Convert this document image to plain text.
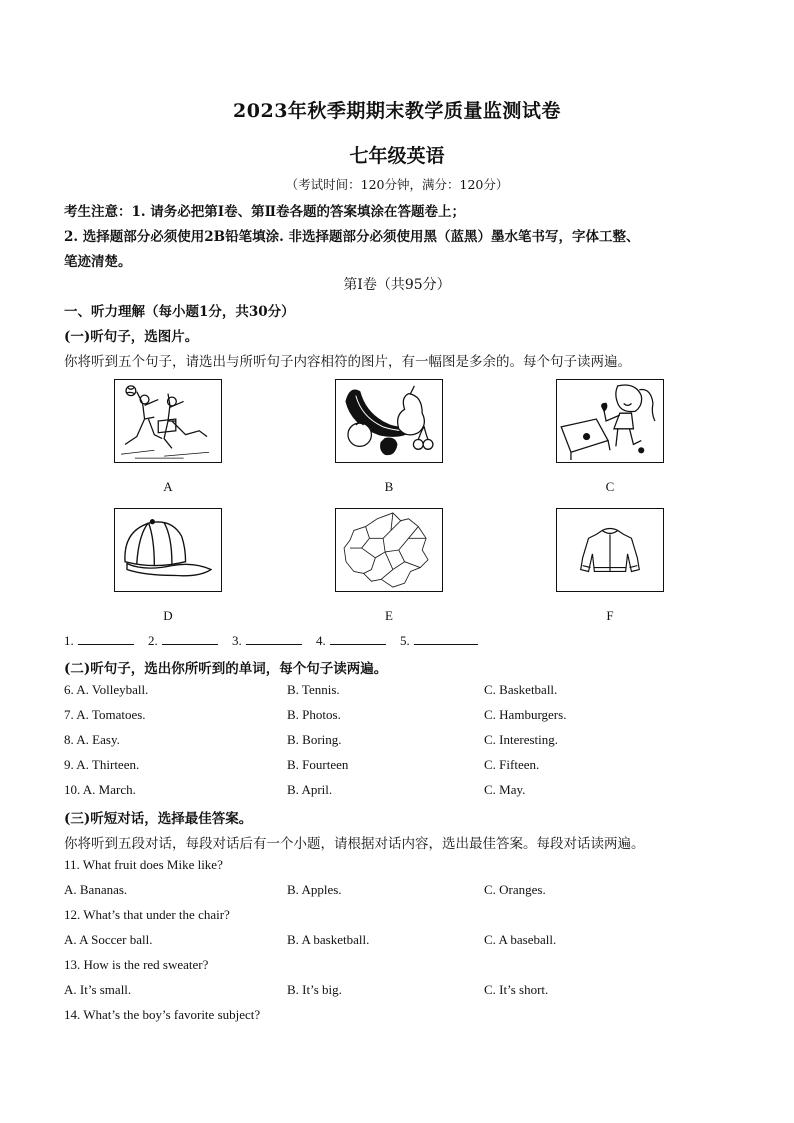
2023年秋季期期末教学质量监测试卷
七年级英语
（考试时间：120分钟，满分：120分）
考生注意：1. 请务必把第Ⅰ卷、第Ⅱ卷各题的答案填涂在答题卷上；
2. 选择题部分必须使用2B铅笔填涂. 非选择题部分必须使用黑（蓝黑）墨水笔书写，字体工整、
笔迹清楚。
第Ⅰ卷（共95分）
一、听力理解（每小题1分，共30分）
(一)听句子，选图片。
你将听到五个句子，请选出与所听句子内容相符的图片，有一幅图是多余的。每个句子读两遍。
A	B	C
D	E	F
1.	2.	3.	4.	5.
(二)听句子，选出你所听到的单词，每个句子读两遍。
6. A. Volleyball.	B. Tennis.	C. Basketball.
7. A. Tomatoes.	B. Photos.	C. Hamburgers.
8. A. Easy.	B. Boring.	C. Interesting.
9. A. Thirteen.	B. Fourteen	C. Fifteen.
10. A. March.	B. April.	C. May.
(三)听短对话，选择最佳答案。
你将听到五段对话，每段对话后有一个小题，请根据对话内容，选出最佳答案。每段对话读两遍。
11. What fruit does Mike like?
A. Bananas.	B. Apples.	C. Oranges.
12. What’s that under the chair?
A. A Soccer ball.	B. A basketball.	C. A baseball.
13. How is the red sweater?
A. It’s small.	B. It’s big.	C. It’s short.
14. What’s the boy’s favorite subject?
